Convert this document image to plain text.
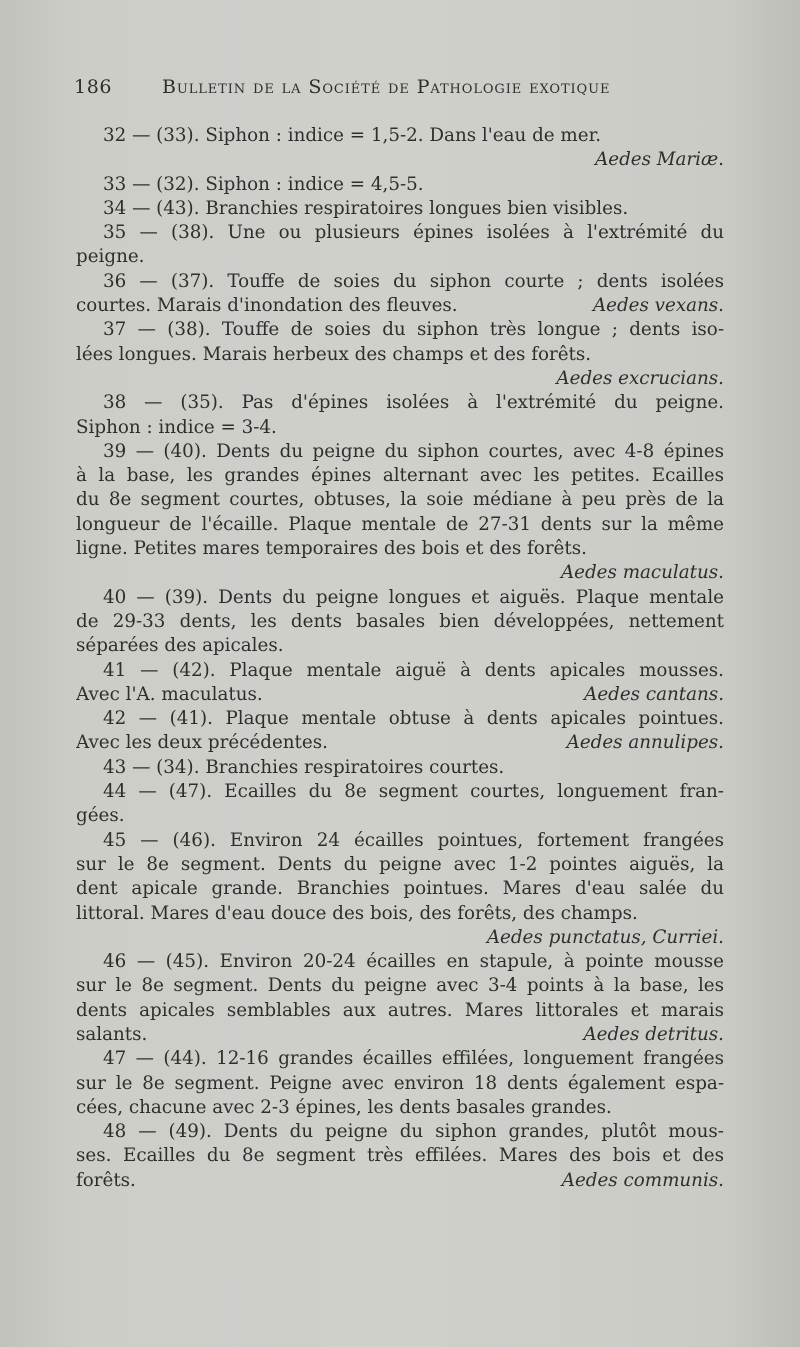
186	Bulletin de la Société de Pathologie exotique
32 — (33). Siphon : indice = 1,5-2. Dans l'eau de mer.
Aedes Mariæ.
33 — (32). Siphon : indice = 4,5-5.
34 — (43). Branchies respiratoires longues bien visibles.
35 — (38). Une ou plusieurs épines isolées à l'extrémité du
peigne.
36 — (37). Touffe de soies du siphon courte ; dents isolées
courtes. Marais d'inondation des fleuves.	Aedes vexans.
37 — (38). Touffe de soies du siphon très longue ; dents iso-
lées longues. Marais herbeux des champs et des forêts.
Aedes excrucians.
38 — (35). Pas d'épines isolées à l'extrémité du peigne.
Siphon : indice = 3-4.
39 — (40). Dents du peigne du siphon courtes, avec 4-8 épines
à la base, les grandes épines alternant avec les petites. Ecailles
du 8e segment courtes, obtuses, la soie médiane à peu près de la
longueur de l'écaille. Plaque mentale de 27-31 dents sur la même
ligne. Petites mares temporaires des bois et des forêts.
Aedes maculatus.
40 — (39). Dents du peigne longues et aiguës. Plaque mentale
de 29-33 dents, les dents basales bien développées, nettement
séparées des apicales.
41 — (42). Plaque mentale aiguë à dents apicales mousses.
Avec l'A. maculatus.	Aedes cantans.
42 — (41). Plaque mentale obtuse à dents apicales pointues.
Avec les deux précédentes.	Aedes annulipes.
43 — (34). Branchies respiratoires courtes.
44 — (47). Ecailles du 8e segment courtes, longuement fran-
gées.
45 — (46). Environ 24 écailles pointues, fortement frangées
sur le 8e segment. Dents du peigne avec 1-2 pointes aiguës, la
dent apicale grande. Branchies pointues. Mares d'eau salée du
littoral. Mares d'eau douce des bois, des forêts, des champs.
Aedes punctatus, Curriei.
46 — (45). Environ 20-24 écailles en stapule, à pointe mousse
sur le 8e segment. Dents du peigne avec 3-4 points à la base, les
dents apicales semblables aux autres. Mares littorales et marais
salants.	Aedes detritus.
47 — (44). 12-16 grandes écailles effilées, longuement frangées
sur le 8e segment. Peigne avec environ 18 dents également espa-
cées, chacune avec 2-3 épines, les dents basales grandes.
48 — (49). Dents du peigne du siphon grandes, plutôt mous-
ses. Ecailles du 8e segment très effilées. Mares des bois et des
forêts.	Aedes communis.
